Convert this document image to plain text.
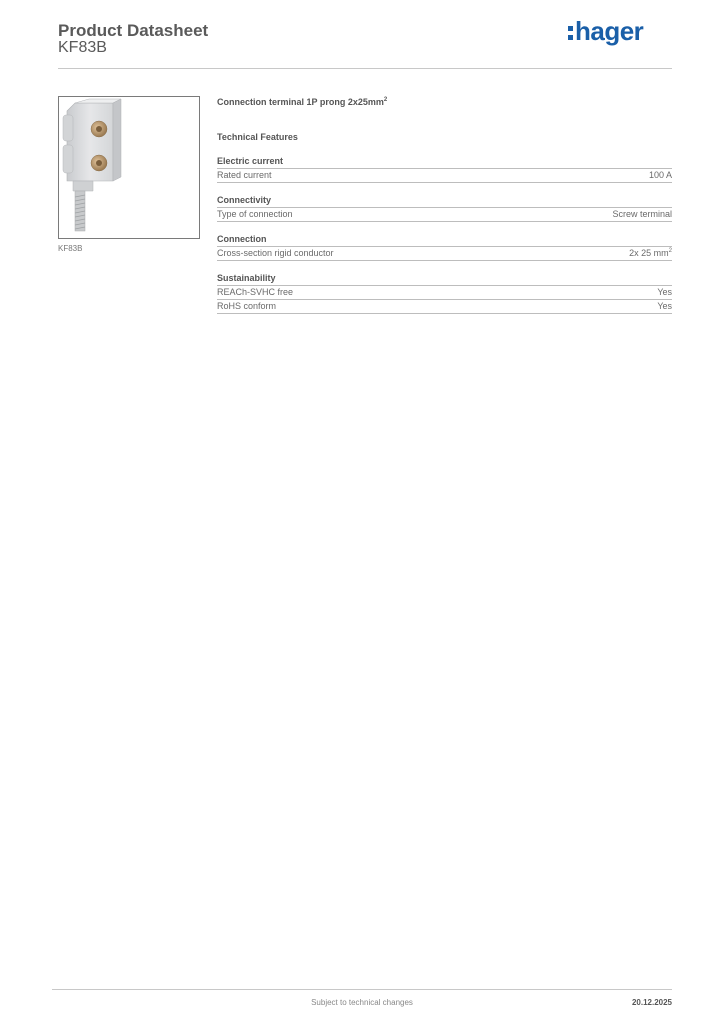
Product Datasheet
KF83B
hager
KF83B
Connection terminal 1P prong $2x25mm^2$
Technical Features
Electric current
Rated current	100 A
Connectivity
Type of connection	Screw terminal
Connection
Cross-section rigid conductor	2x 25 $mm^2$
Sustainability
REACh-SVHC free	Yes
RoHS conform	Yes
Subject to technical changes	20.12.2025
